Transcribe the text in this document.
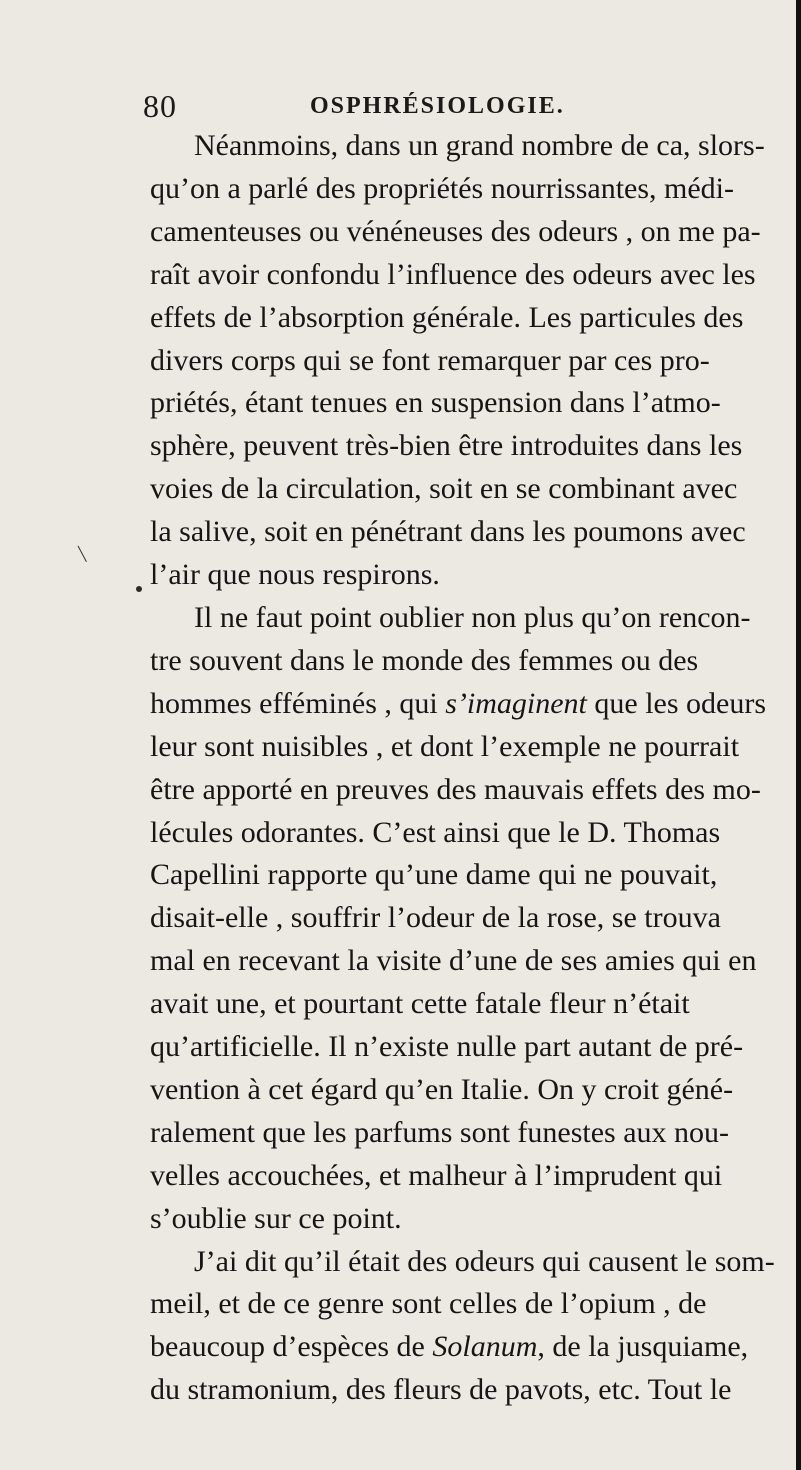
80	OSPHRÉSIOLOGIE.
Néanmoins, dans un grand nombre de ca, slors-
qu’on a parlé des propriétés nourrissantes, médi-
camenteuses ou vénéneuses des odeurs , on me pa-
raît avoir confondu l’influence des odeurs avec les
effets de l’absorption générale. Les particules des
divers corps qui se font remarquer par ces pro-
priétés, étant tenues en suspension dans l’atmo-
sphère, peuvent très-bien être introduites dans les
voies de la circulation, soit en se combinant avec
la salive, soit en pénétrant dans les poumons avec
l’air que nous respirons.
Il ne faut point oublier non plus qu’on rencon-
tre souvent dans le monde des femmes ou des
hommes efféminés , qui s’imaginent que les odeurs
leur sont nuisibles , et dont l’exemple ne pourrait
être apporté en preuves des mauvais effets des mo-
lécules odorantes. C’est ainsi que le D. Thomas
Capellini rapporte qu’une dame qui ne pouvait,
disait-elle , souffrir l’odeur de la rose, se trouva
mal en recevant la visite d’une de ses amies qui en
avait une, et pourtant cette fatale fleur n’était
qu’artificielle. Il n’existe nulle part autant de pré-
vention à cet égard qu’en Italie. On y croit géné-
ralement que les parfums sont funestes aux nou-
velles accouchées, et malheur à l’imprudent qui
s’oublie sur ce point.
J’ai dit qu’il était des odeurs qui causent le som-
meil, et de ce genre sont celles de l’opium , de
beaucoup d’espèces de Solanum, de la jusquiame,
du stramonium, des fleurs de pavots, etc. Tout le
